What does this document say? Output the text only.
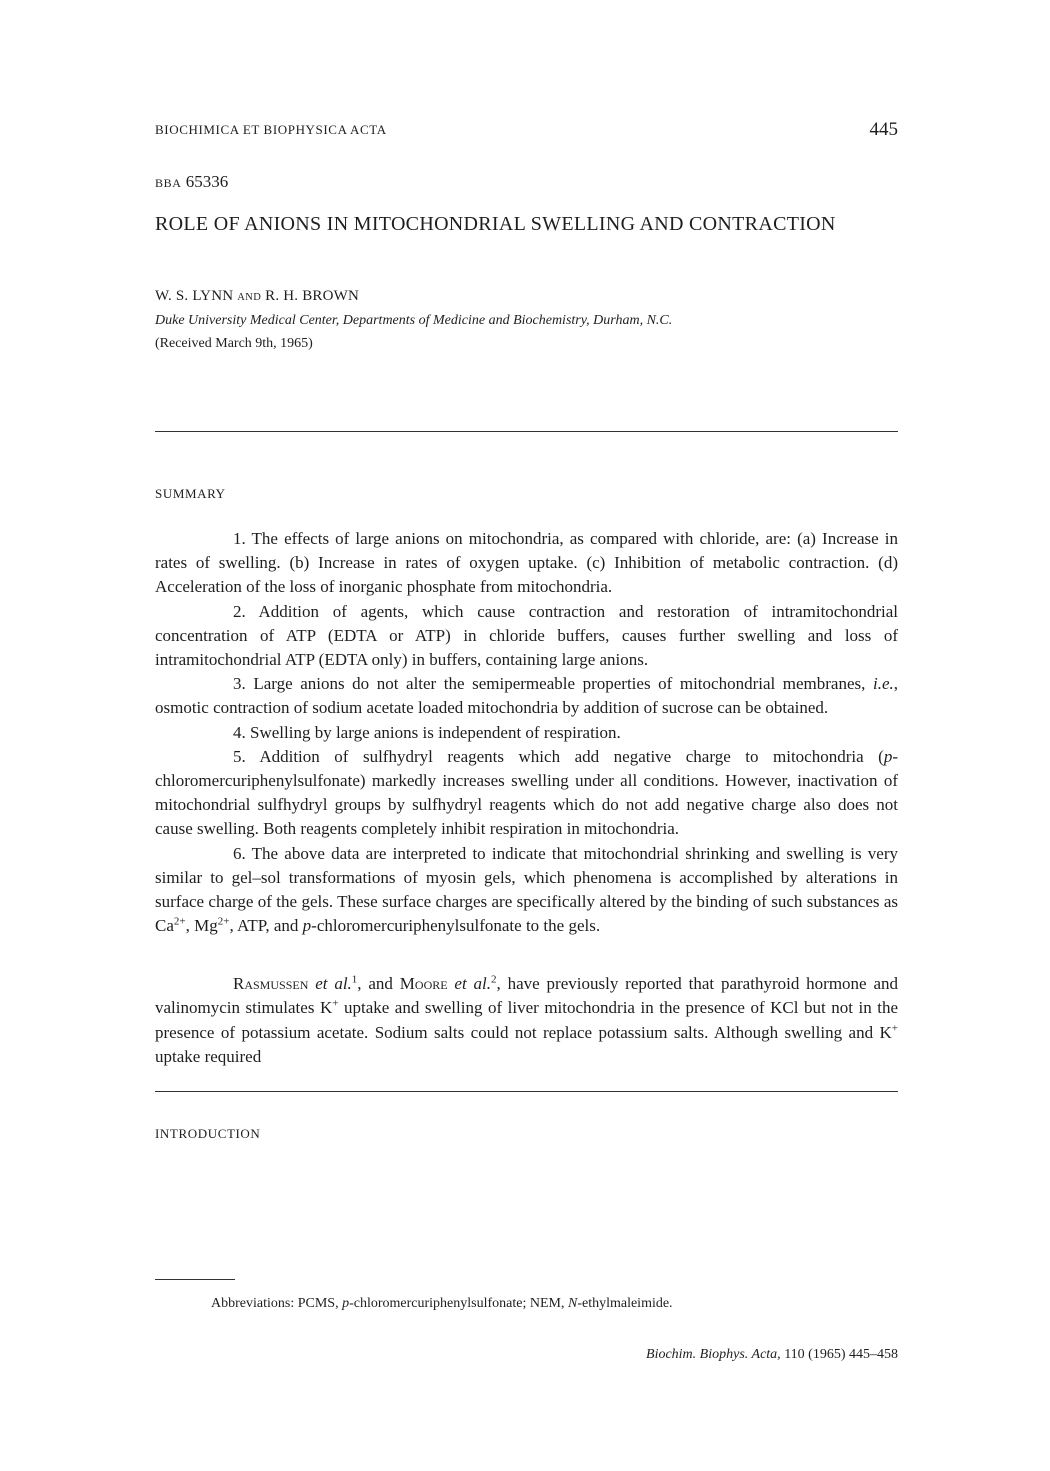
BIOCHIMICA ET BIOPHYSICA ACTA	445
BBA 65336
ROLE OF ANIONS IN MITOCHONDRIAL SWELLING AND CONTRACTION
W. S. LYNN AND R. H. BROWN
Duke University Medical Center, Departments of Medicine and Biochemistry, Durham, N.C.
(Received March 9th, 1965)
SUMMARY

1. The effects of large anions on mitochondria, as compared with chloride, are: (a) Increase in rates of swelling. (b) Increase in rates of oxygen uptake. (c) Inhibition of metabolic contraction. (d) Acceleration of the loss of inorganic phosphate from mitochondria.

2. Addition of agents, which cause contraction and restoration of intramitochondrial concentration of ATP (EDTA or ATP) in chloride buffers, causes further swelling and loss of intramitochondrial ATP (EDTA only) in buffers, containing large anions.

3. Large anions do not alter the semipermeable properties of mitochondrial membranes, i.e., osmotic contraction of sodium acetate loaded mitochondria by addition of sucrose can be obtained.

4. Swelling by large anions is independent of respiration.

5. Addition of sulfhydryl reagents which add negative charge to mitochondria (p-chloromercuriphenylsulfonate) markedly increases swelling under all conditions. However, inactivation of mitochondrial sulfhydryl groups by sulfhydryl reagents which do not add negative charge also does not cause swelling. Both reagents completely inhibit respiration in mitochondria.

6. The above data are interpreted to indicate that mitochondrial shrinking and swelling is very similar to gel–sol transformations of myosin gels, which phenomena is accomplished by alterations in surface charge of the gels. These surface charges are specifically altered by the binding of such substances as $Ca^{2+}$, $Mg^{2+}$, ATP, and p-chloromercuriphenylsulfonate to the gels.

INTRODUCTION

Rasmussen et al.$^1$, and Moore et al.$^2$, have previously reported that parathyroid hormone and valinomycin stimulates K+ uptake and swelling of liver mitochondria in the presence of KCl but not in the presence of potassium acetate. Sodium salts could not replace potassium salts. Although swelling and K+ uptake required

Abbreviations: PCMS, p-chloromercuriphenylsulfonate; NEM, N-ethylmaleimide.
Biochim. Biophys. Acta, 110 (1965) 445–458
